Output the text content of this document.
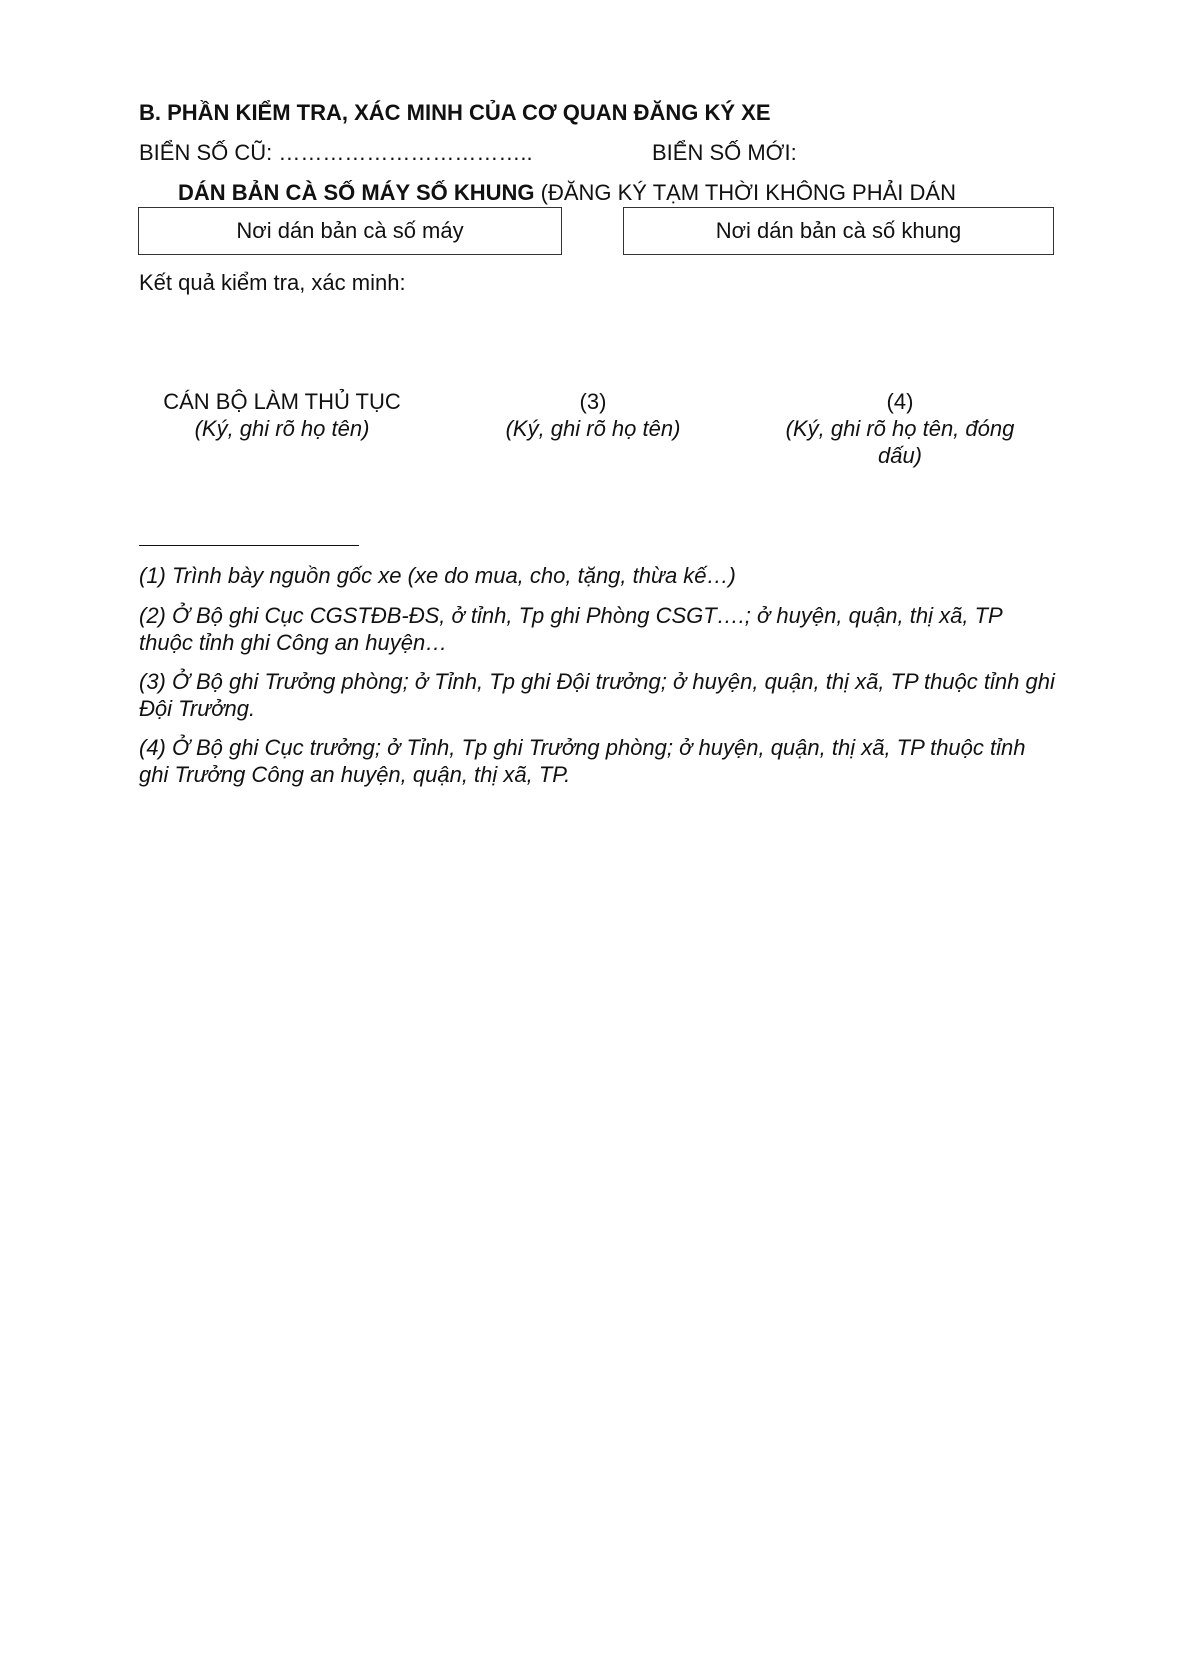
B. PHẦN KIỂM TRA, XÁC MINH CỦA CƠ QUAN ĐĂNG KÝ XE
BIỂN SỐ CŨ: ……………………………..	BIỂN SỐ MỚI:
DÁN BẢN CÀ SỐ MÁY SỐ KHUNG (ĐĂNG KÝ TẠM THỜI KHÔNG PHẢI DÁN
Nơi dán bản cà số máy	Nơi dán bản cà số khung
Kết quả kiểm tra, xác minh:
CÁN BỘ LÀM THỦ TỤC
(Ký, ghi rõ họ tên)
(3)
(Ký, ghi rõ họ tên)
(4)
(Ký, ghi rõ họ tên, đóng dấu)
(1) Trình bày nguồn gốc xe (xe do mua, cho, tặng, thừa kế…)
(2) Ở Bộ ghi Cục CGSTĐB-ĐS, ở tỉnh, Tp ghi Phòng CSGT….; ở huyện, quận, thị xã, TP thuộc tỉnh ghi Công an huyện…
(3) Ở Bộ ghi Trưởng phòng; ở Tỉnh, Tp ghi Đội trưởng; ở huyện, quận, thị xã, TP thuộc tỉnh ghi Đội Trưởng.
(4) Ở Bộ ghi Cục trưởng; ở Tỉnh, Tp ghi Trưởng phòng; ở huyện, quận, thị xã, TP thuộc tỉnh ghi Trưởng Công an huyện, quận, thị xã, TP.
